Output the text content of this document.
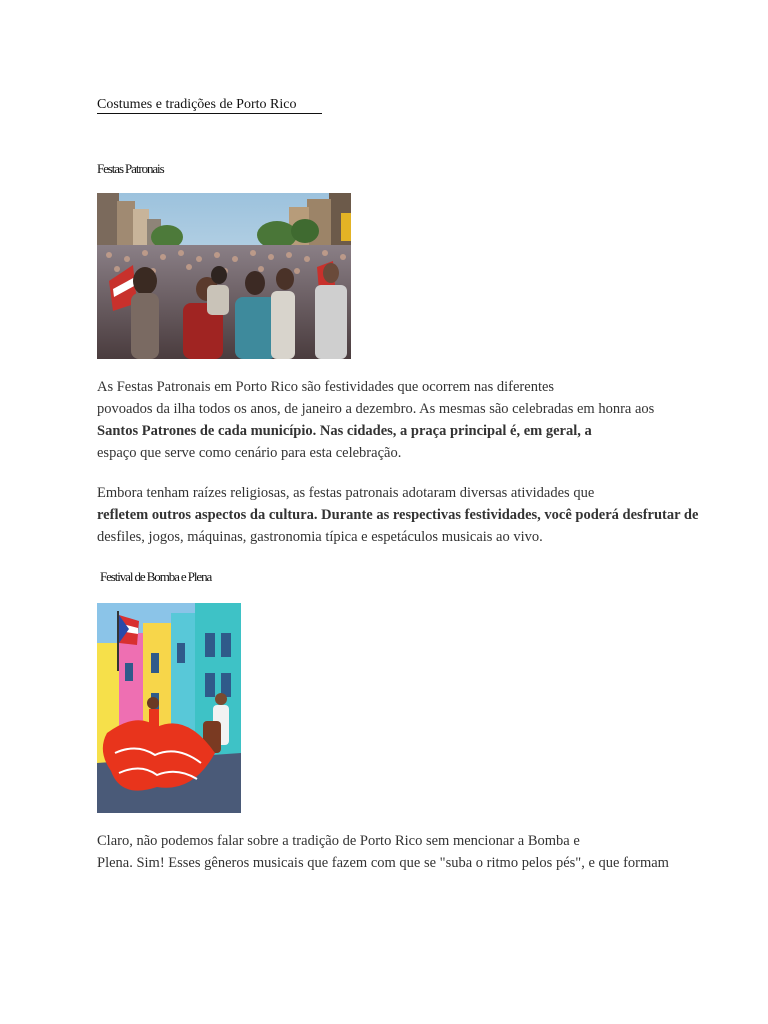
Costumes e tradições de Porto Rico
Festas Patronais

As Festas Patronais em Porto Rico são festividades que ocorrem nas diferentes
povoados da ilha todos os anos, de janeiro a dezembro. As mesmas são celebradas em honra aos
Santos Patrones de cada município. Nas cidades, a praça principal é, em geral, a
espaço que serve como cenário para esta celebração.

Embora tenham raízes religiosas, as festas patronais adotaram diversas atividades que
refletem outros aspectos da cultura. Durante as respectivas festividades, você poderá desfrutar de
desfiles, jogos, máquinas, gastronomia típica e espetáculos musicais ao vivo.

Festival de Bomba e Plena

Claro, não podemos falar sobre a tradição de Porto Rico sem mencionar a Bomba e
Plena. Sim! Esses gêneros musicais que fazem com que se "suba o ritmo pelos pés", e que formam
